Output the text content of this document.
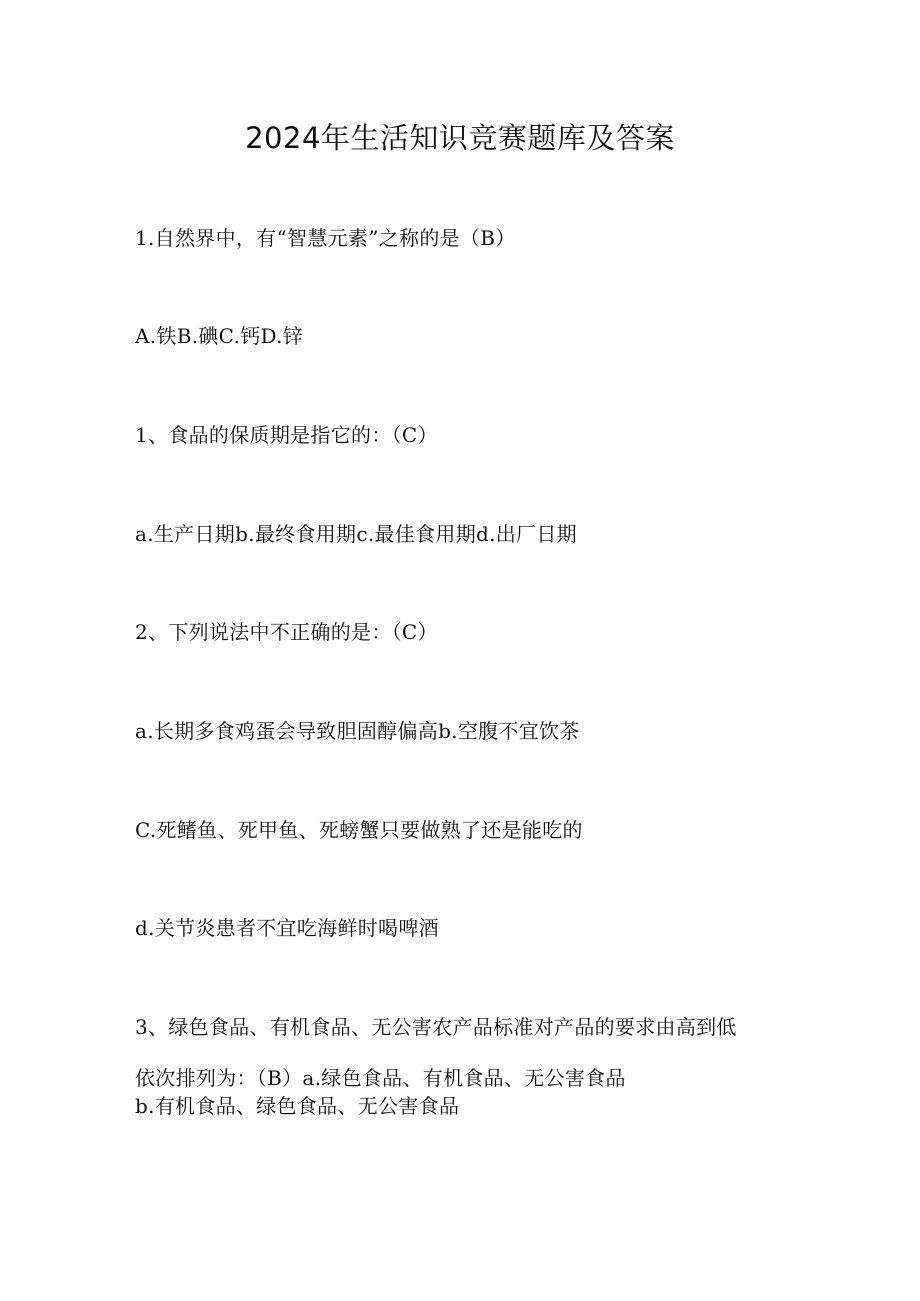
2024年生活知识竞赛题库及答案
1.自然界中，有“智慧元素”之称的是（B）
A.铁B.碘C.钙D.锌
1、食品的保质期是指它的：（C）
a.生产日期b.最终食用期c.最佳食用期d.出厂日期
2、下列说法中不正确的是：（C）
a.长期多食鸡蛋会导致胆固醇偏高b.空腹不宜饮茶
C.死鳍鱼、死甲鱼、死螃蟹只要做熟了还是能吃的
d.关节炎患者不宜吃海鲜时喝啤酒
3、绿色食品、有机食品、无公害农产品标准对产品的要求由高到低
依次排列为：（B）a.绿色食品、有机食品、无公害食品
b.有机食品、绿色食品、无公害食品
